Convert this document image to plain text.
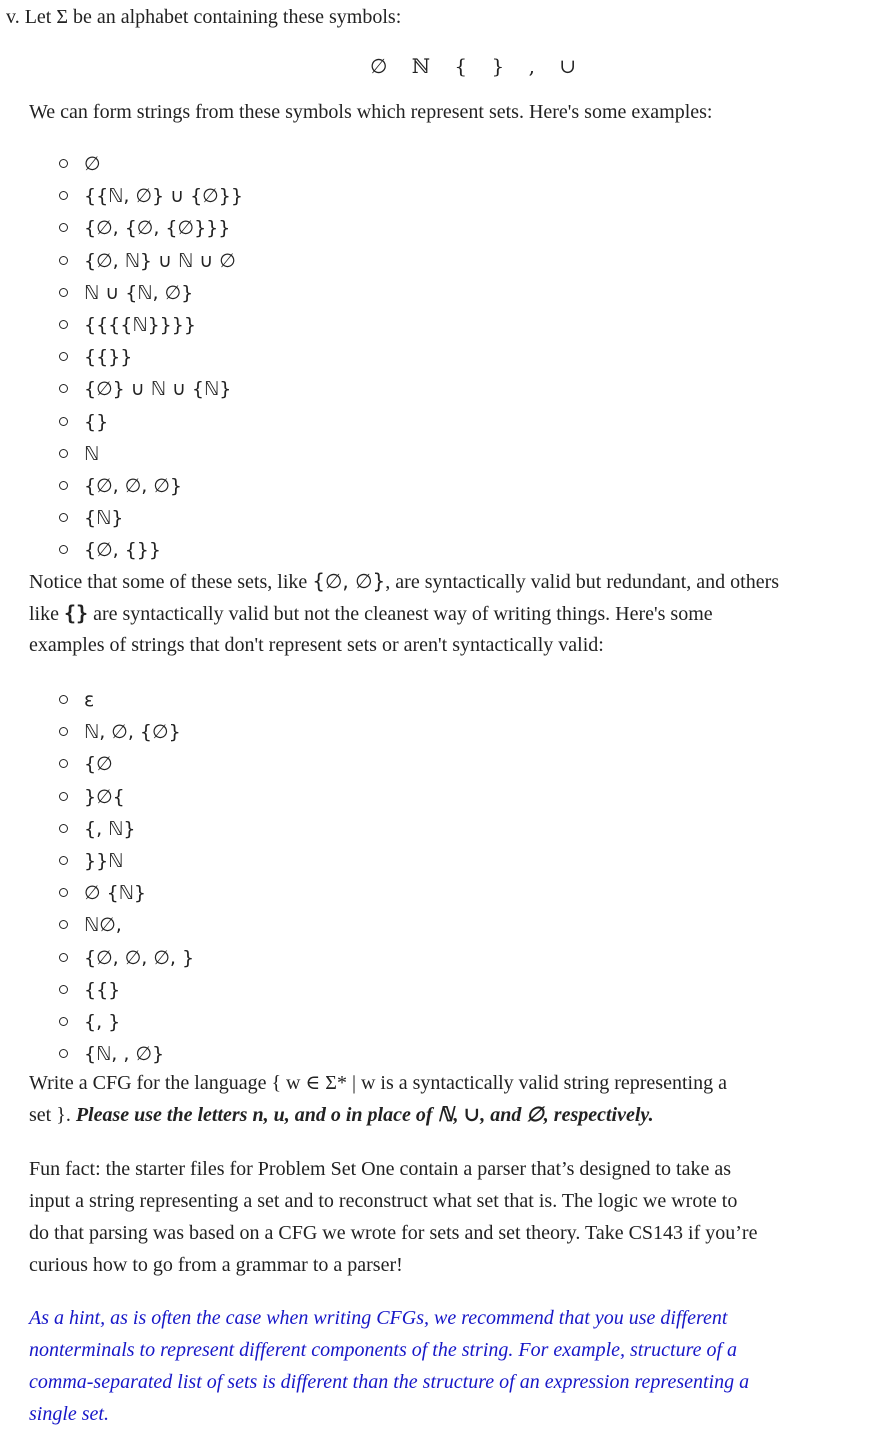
v. Let Σ be an alphabet containing these symbols:
∅ ℕ { } , ∪
We can form strings from these symbols which represent sets. Here's some examples:
∅
{{ℕ, ∅} ∪ {∅}}
{∅, {∅, {∅}}}
{∅, ℕ} ∪ ℕ ∪ ∅
ℕ ∪ {ℕ, ∅}
{{{{ℕ}}}}
{{}}
{∅} ∪ ℕ ∪ {ℕ}
{}
ℕ
{∅, ∅, ∅}
{ℕ}
{∅, {}}
Notice that some of these sets, like {∅, ∅}, are syntactically valid but redundant, and others
like {} are syntactically valid but not the cleanest way of writing things. Here's some
examples of strings that don't represent sets or aren't syntactically valid:
ε
ℕ, ∅, {∅}
{∅
}∅{
{, ℕ}
}}ℕ
∅ {ℕ}
ℕ∅,
{∅, ∅, ∅, }
{{}
{, }
{ℕ, , ∅}
Write a CFG for the language { w ∈ Σ* | w is a syntactically valid string representing a
set }. Please use the letters n, u, and o in place of ℕ, ∪, and ∅, respectively.
Fun fact: the starter files for Problem Set One contain a parser that’s designed to take as
input a string representing a set and to reconstruct what set that is. The logic we wrote to
do that parsing was based on a CFG we wrote for sets and set theory. Take CS143 if you’re
curious how to go from a grammar to a parser!
As a hint, as is often the case when writing CFGs, we recommend that you use different
nonterminals to represent different components of the string. For example, structure of a
comma-separated list of sets is different than the structure of an expression representing a
single set.
